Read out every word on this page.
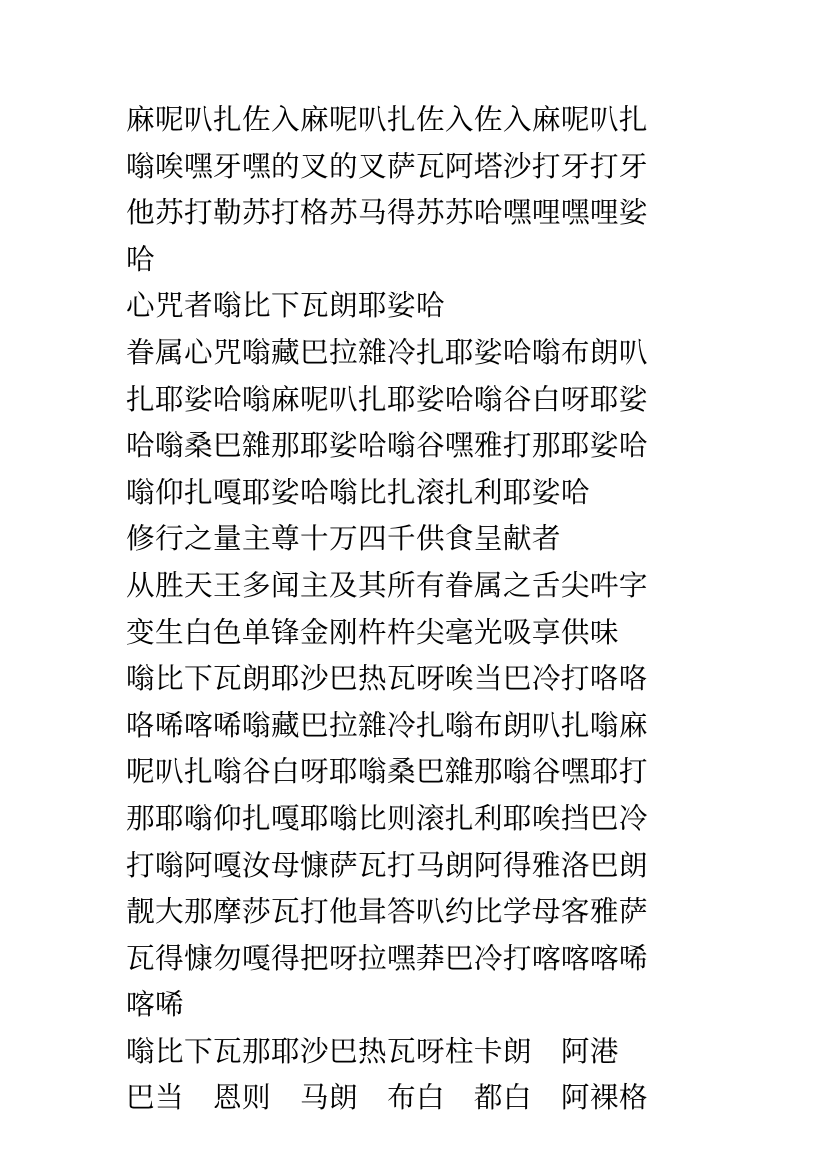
麻呢叭扎佐入麻呢叭扎佐入佐入麻呢叭扎
嗡唉嘿牙嘿的叉的叉萨瓦阿塔沙打牙打牙
他苏打勒苏打格苏马得苏苏哈嘿哩嘿哩娑
哈
心咒者嗡比下瓦朗耶娑哈
眷属心咒嗡藏巴拉雜冷扎耶娑哈嗡布朗叭
扎耶娑哈嗡麻呢叭扎耶娑哈嗡谷白呀耶娑
哈嗡桑巴雜那耶娑哈嗡谷嘿雅打那耶娑哈
嗡仰扎嘎耶娑哈嗡比扎滚扎利耶娑哈
修行之量主尊十万四千供食呈献者
从胜天王多闻主及其所有眷属之舌尖吽字
变生白色单锋金刚杵杵尖毫光吸享供味
嗡比下瓦朗耶沙巴热瓦呀唉当巴冷打咯咯
咯唏喀唏嗡藏巴拉雜冷扎嗡布朗叭扎嗡麻
呢叭扎嗡谷白呀耶嗡桑巴雜那嗡谷嘿耶打
那耶嗡仰扎嘎耶嗡比则滚扎利耶唉挡巴冷
打嗡阿嘎汝母慷萨瓦打马朗阿得雅洛巴朗
靓大那摩莎瓦打他咠答叭约比学母客雅萨
瓦得慷勿嘎得把呀拉嘿莽巴冷打喀喀喀唏
喀唏
嗡比下瓦那耶沙巴热瓦呀柱卡朗　阿港
巴当　恩则　马朗　布白　都白　阿裸格
